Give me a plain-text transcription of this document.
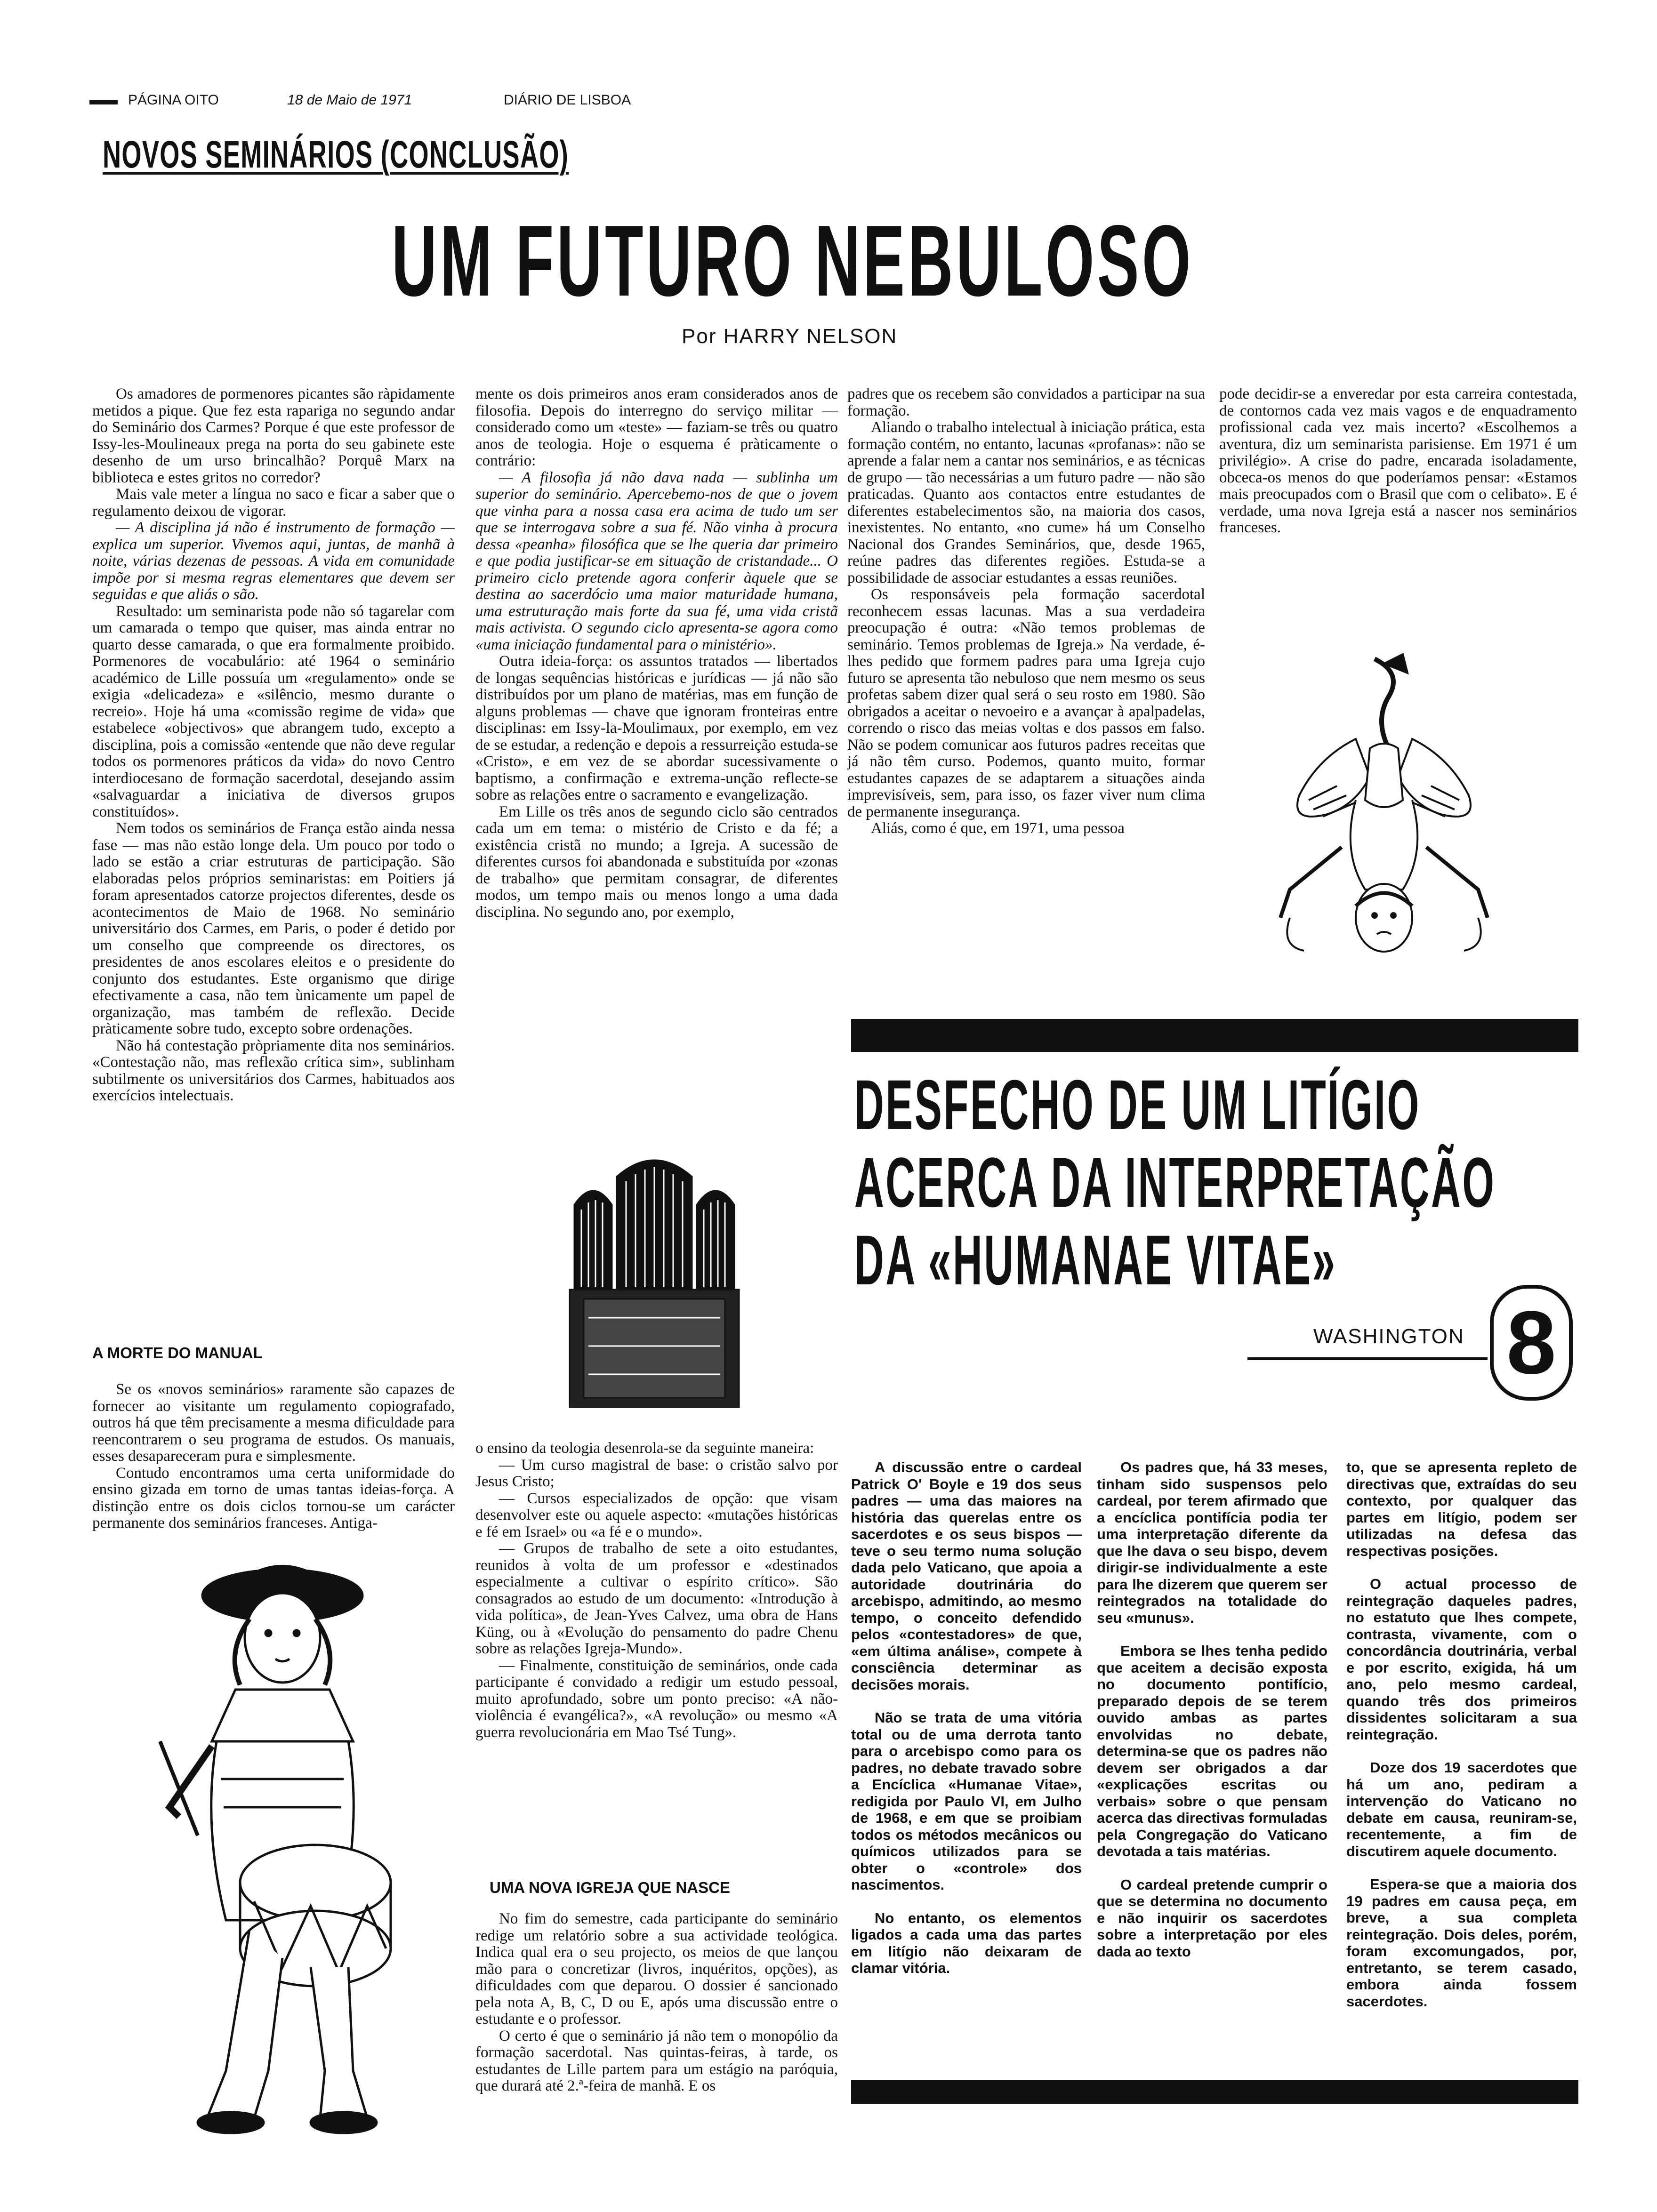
▬▬ PÁGINA OITO	18 de Maio de 1971	DIÁRIO DE LISBOA
NOVOS SEMINÁRIOS (CONCLUSÃO)
UM FUTURO NEBULOSO
Por HARRY NELSON

Os amadores de pormenores picantes são ràpidamente metidos a pique. Que fez esta rapariga no segundo andar do Seminário dos Carmes? Porque é que este professor de Issy-les-Moulineaux prega na porta do seu gabinete este desenho de um urso brincalhão? Porquê Marx na biblioteca e estes gritos no corredor?

Mais vale meter a língua no saco e ficar a saber que o regulamento deixou de vigorar.

— A disciplina já não é instrumento de formação — explica um superior. Vivemos aqui, juntas, de manhã à noite, várias dezenas de pessoas. A vida em comunidade impõe por si mesma regras elementares que devem ser seguidas e que aliás o são.

Resultado: um seminarista pode não só tagarelar com um camarada o tempo que quiser, mas ainda entrar no quarto desse camarada, o que era formalmente proibido. Pormenores de vocabulário: até 1964 o seminário académico de Lille possuía um «regulamento» onde se exigia «delicadeza» e «silêncio, mesmo durante o recreio». Hoje há uma «comissão regime de vida» que estabelece «objectivos» que abrangem tudo, excepto a disciplina, pois a comissão «entende que não deve regular todos os pormenores práticos da vida» do novo Centro interdiocesano de formação sacerdotal, desejando assim «salvaguardar a iniciativa de diversos grupos constituídos».

Nem todos os seminários de França estão ainda nessa fase — mas não estão longe dela. Um pouco por todo o lado se estão a criar estruturas de participação. São elaboradas pelos próprios seminaristas: em Poitiers já foram apresentados catorze projectos diferentes, desde os acontecimentos de Maio de 1968. No seminário universitário dos Carmes, em Paris, o poder é detido por um conselho que compreende os directores, os presidentes de anos escolares eleitos e o presidente do conjunto dos estudantes. Este organismo que dirige efectivamente a casa, não tem ùnicamente um papel de organização, mas também de reflexão. Decide pràticamente sobre tudo, excepto sobre ordenações.

Não há contestação pròpriamente dita nos seminários. «Contestação não, mas reflexão crítica sim», sublinham subtilmente os universitários dos Carmes, habituados aos exercícios intelectuais.

A MORTE DO MANUAL

Se os «novos seminários» raramente são capazes de fornecer ao visitante um regulamento copiografado, outros há que têm precisamente a mesma dificuldade para reencontrarem o seu programa de estudos. Os manuais, esses desapareceram pura e simplesmente.

Contudo encontramos uma certa uniformidade do ensino gizada em torno de umas tantas ideias-força. A distinção entre os dois ciclos tornou-se um carácter permanente dos seminários franceses. Antiga-

mente os dois primeiros anos eram considerados anos de filosofia. Depois do interregno do serviço militar — considerado como um «teste» — faziam-se três ou quatro anos de teologia. Hoje o esquema é pràticamente o contrário:

— A filosofia já não dava nada — sublinha um superior do seminário. Apercebemo-nos de que o jovem que vinha para a nossa casa era acima de tudo um ser que se interrogava sobre a sua fé. Não vinha à procura dessa «peanha» filosófica que se lhe queria dar primeiro e que podia justificar-se em situação de cristandade... O primeiro ciclo pretende agora conferir àquele que se destina ao sacerdócio uma maior maturidade humana, uma estruturação mais forte da sua fé, uma vida cristã mais activista. O segundo ciclo apresenta-se agora como «uma iniciação fundamental para o ministério».

Outra ideia-força: os assuntos tratados — libertados de longas sequências históricas e jurídicas — já não são distribuídos por um plano de matérias, mas em função de alguns problemas — chave que ignoram fronteiras entre disciplinas: em Issy-la-Moulimaux, por exemplo, em vez de se estudar, a redenção e depois a ressurreição estuda-se «Cristo», e em vez de se abordar sucessivamente o baptismo, a confirmação e extrema-unção reflecte-se sobre as relações entre o sacramento e evangelização.

Em Lille os três anos de segundo ciclo são centrados cada um em tema: o mistério de Cristo e da fé; a existência cristã no mundo; a Igreja. A sucessão de diferentes cursos foi abandonada e substituída por «zonas de trabalho» que permitam consagrar, de diferentes modos, um tempo mais ou menos longo a uma dada disciplina. No segundo ano, por exemplo,

o ensino da teologia desenrola-se da seguinte maneira:

— Um curso magistral de base: o cristão salvo por Jesus Cristo;

— Cursos especializados de opção: que visam desenvolver este ou aquele aspecto: «mutações históricas e fé em Israel» ou «a fé e o mundo».

— Grupos de trabalho de sete a oito estudantes, reunidos à volta de um professor e «destinados especialmente a cultivar o espírito crítico». São consagrados ao estudo de um documento: «Introdução à vida política», de Jean-Yves Calvez, uma obra de Hans Küng, ou à «Evolução do pensamento do padre Chenu sobre as relações Igreja-Mundo».

— Finalmente, constituição de seminários, onde cada participante é convidado a redigir um estudo pessoal, muito aprofundado, sobre um ponto preciso: «A não-violência é evangélica?», «A revolução» ou mesmo «A guerra revolucionária em Mao Tsé Tung».

UMA NOVA IGREJA QUE NASCE

No fim do semestre, cada participante do seminário redige um relatório sobre a sua actividade teológica. Indica qual era o seu projecto, os meios de que lançou mão para o concretizar (livros, inquéritos, opções), as dificuldades com que deparou. O dossier é sancionado pela nota A, B, C, D ou E, após uma discussão entre o estudante e o professor.

O certo é que o seminário já não tem o monopólio da formação sacerdotal. Nas quintas-feiras, à tarde, os estudantes de Lille partem para um estágio na paróquia, que durará até 2.ª-feira de manhã. E os

padres que os recebem são convidados a participar na sua formação.

Aliando o trabalho intelectual à iniciação prática, esta formação contém, no entanto, lacunas «profanas»: não se aprende a falar nem a cantar nos seminários, e as técnicas de grupo — tão necessárias a um futuro padre — não são praticadas. Quanto aos contactos entre estudantes de diferentes estabelecimentos são, na maioria dos casos, inexistentes. No entanto, «no cume» há um Conselho Nacional dos Grandes Seminários, que, desde 1965, reúne padres das diferentes regiões. Estuda-se a possibilidade de associar estudantes a essas reuniões.

Os responsáveis pela formação sacerdotal reconhecem essas lacunas. Mas a sua verdadeira preocupação é outra: «Não temos problemas de seminário. Temos problemas de Igreja.» Na verdade, é-lhes pedido que formem padres para uma Igreja cujo futuro se apresenta tão nebuloso que nem mesmo os seus profetas sabem dizer qual será o seu rosto em 1980. São obrigados a aceitar o nevoeiro e a avançar à apalpadelas, correndo o risco das meias voltas e dos passos em falso. Não se podem comunicar aos futuros padres receitas que já não têm curso. Podemos, quanto muito, formar estudantes capazes de se adaptarem a situações ainda imprevisíveis, sem, para isso, os fazer viver num clima de permanente insegurança.

Aliás, como é que, em 1971, uma pessoa

pode decidir-se a enveredar por esta carreira contestada, de contornos cada vez mais vagos e de enquadramento profissional cada vez mais incerto? «Escolhemos a aventura, diz um seminarista parisiense. Em 1971 é um privilégio». A crise do padre, encarada isoladamente, obceca-os menos do que poderíamos pensar: «Estamos mais preocupados com o Brasil que com o celibato». E é verdade, uma nova Igreja está a nascer nos seminários franceses.

DESFECHO DE UM LITÍGIO
ACERCA DA INTERPRETAÇÃO
DA «HUMANAE VITAE»
WASHINGTON 8

A discussão entre o cardeal Patrick O' Boyle e 19 dos seus padres — uma das maiores na história das querelas entre os sacerdotes e os seus bispos — teve o seu termo numa solução dada pelo Vaticano, que apoia a autoridade doutrinária do arcebispo, admitindo, ao mesmo tempo, o conceito defendido pelos «contestadores» de que, «em última análise», compete à consciência determinar as decisões morais.

Não se trata de uma vitória total ou de uma derrota tanto para o arcebispo como para os padres, no debate travado sobre a Encíclica «Humanae Vitae», redigida por Paulo VI, em Julho de 1968, e em que se proibiam todos os métodos mecânicos ou químicos utilizados para se obter o «controle» dos nascimentos.

No entanto, os elementos ligados a cada uma das partes em litígio não deixaram de clamar vitória.

Os padres que, há 33 meses, tinham sido suspensos pelo cardeal, por terem afirmado que a encíclica pontifícia podia ter uma interpretação diferente da que lhe dava o seu bispo, devem dirigir-se individualmente a este para lhe dizerem que querem ser reintegrados na totalidade do seu «munus».

Embora se lhes tenha pedido que aceitem a decisão exposta no documento pontifício, preparado depois de se terem ouvido ambas as partes envolvidas no debate, determina-se que os padres não devem ser obrigados a dar «explicações escritas ou verbais» sobre o que pensam acerca das directivas formuladas pela Congregação do Vaticano devotada a tais matérias.

O cardeal pretende cumprir o que se determina no documento e não inquirir os sacerdotes sobre a interpretação por eles dada ao texto

to, que se apresenta repleto de directivas que, extraídas do seu contexto, por qualquer das partes em litígio, podem ser utilizadas na defesa das respectivas posições.

O actual processo de reintegração daqueles padres, no estatuto que lhes compete, contrasta, vivamente, com o concordância doutrinária, verbal e por escrito, exigida, há um ano, pelo mesmo cardeal, quando três dos primeiros dissidentes solicitaram a sua reintegração.

Doze dos 19 sacerdotes que há um ano, pediram a intervenção do Vaticano no debate em causa, reuniram-se, recentemente, a fim de discutirem aquele documento.

Espera-se que a maioria dos 19 padres em causa peça, em breve, a sua completa reintegração. Dois deles, porém, foram excomungados, por, entretanto, se terem casado, embora ainda fossem sacerdotes.
